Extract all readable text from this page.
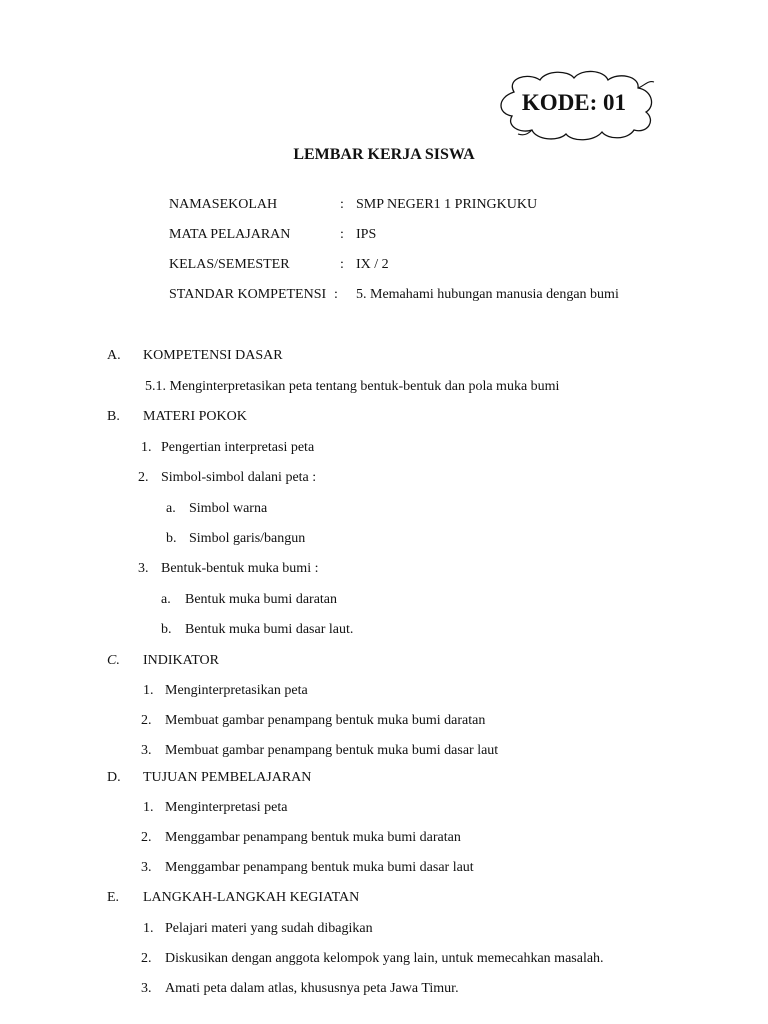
KODE: 01
LEMBAR KERJA SISWA
NAMASEKOLAH	: SMP NEGER1 1 PRINGKUKU
MATA PELAJARAN	: IPS
KELAS/SEMESTER	: IX / 2
STANDAR KOMPETENSI : 5. Memahami hubungan manusia dengan bumi
A. KOMPETENSI DASAR
5.1. Menginterpretasikan peta tentang bentuk-bentuk dan pola muka bumi
B. MATERI POKOK
1. Pengertian interpretasi peta
2. Simbol-simbol dalani peta :
a. Simbol warna
b. Simbol garis/bangun
3. Bentuk-bentuk muka bumi :
a. Bentuk muka bumi daratan
b. Bentuk muka bumi dasar laut.
C. INDIKATOR
1. Menginterpretasikan peta
2. Membuat gambar penampang bentuk muka bumi daratan
3. Membuat gambar penampang bentuk muka bumi dasar laut
D. TUJUAN PEMBELAJARAN
1. Menginterpretasi peta
2. Menggambar penampang bentuk muka bumi daratan
3. Menggambar penampang bentuk muka bumi dasar laut
E. LANGKAH-LANGKAH KEGIATAN
1. Pelajari materi yang sudah dibagikan
2. Diskusikan dengan anggota kelompok yang lain, untuk memecahkan masalah.
3. Amati peta dalam atlas, khususnya peta Jawa Timur.
